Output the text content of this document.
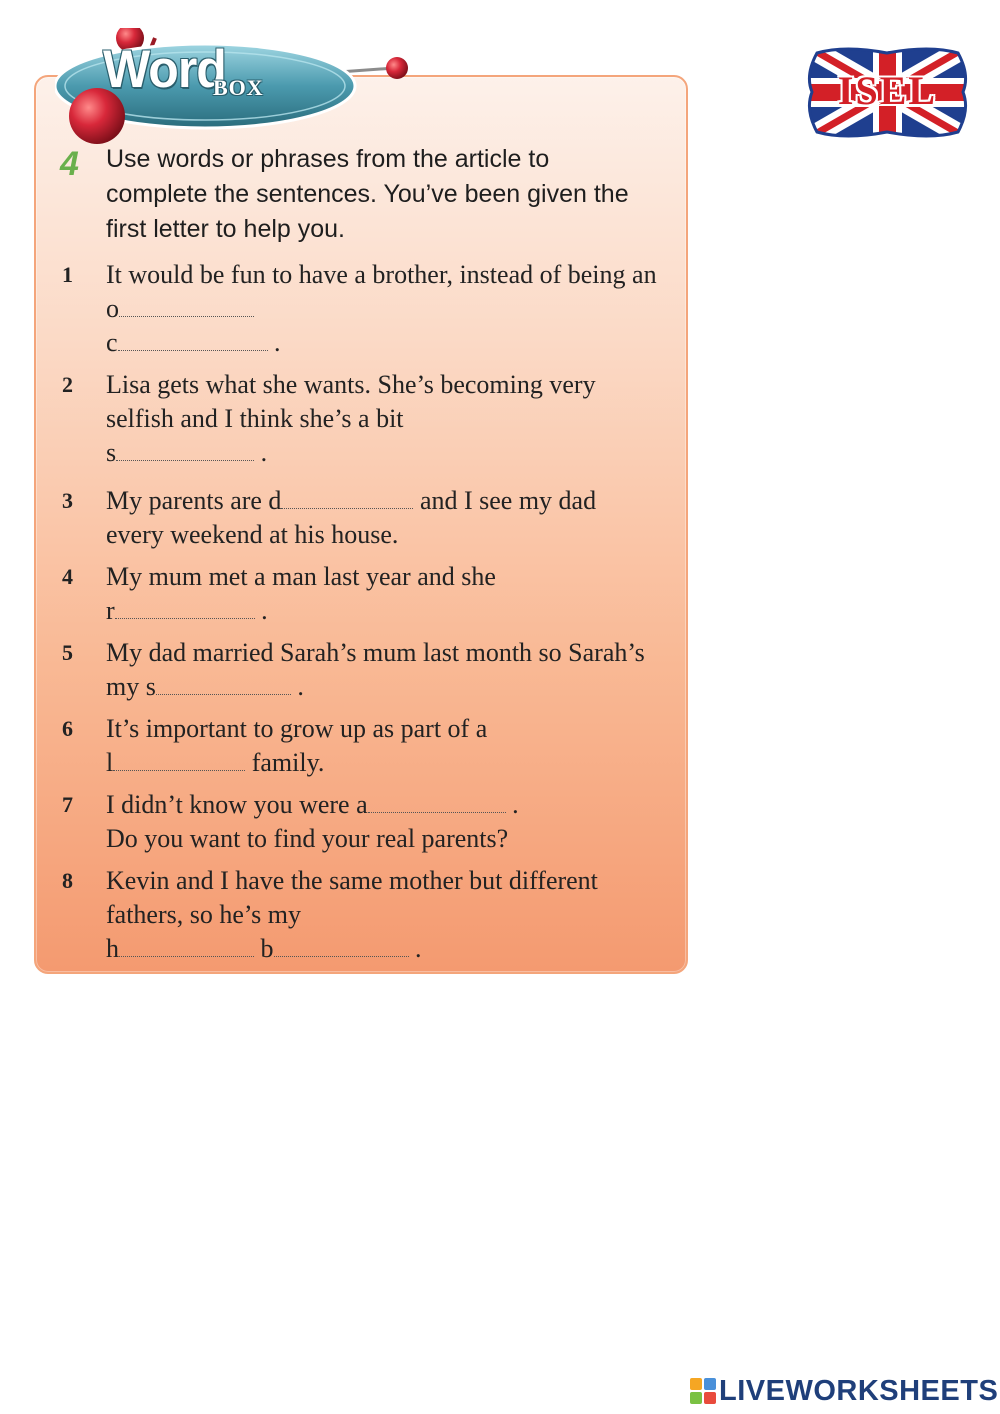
Word
BOX
4 Use words or phrases from the article to complete the sentences. You’ve been given the first letter to help you.
1 It would be fun to have a brother, instead of being an o
c	.
2 Lisa gets what she wants. She’s becoming very selfish and I think she’s a bit
s	.
3 My parents are d	and I see my dad every weekend at his house.
4 My mum met a man last year and she
r	.
5 My dad married Sarah’s mum last month so Sarah’s my s	.
6 It’s important to grow up as part of a
l	family.
7 I didn’t know you were a	.
Do you want to find your real parents?
8 Kevin and I have the same mother but different fathers, so he’s my
h	b	.
ISEL
LIVEWORKSHEETS
